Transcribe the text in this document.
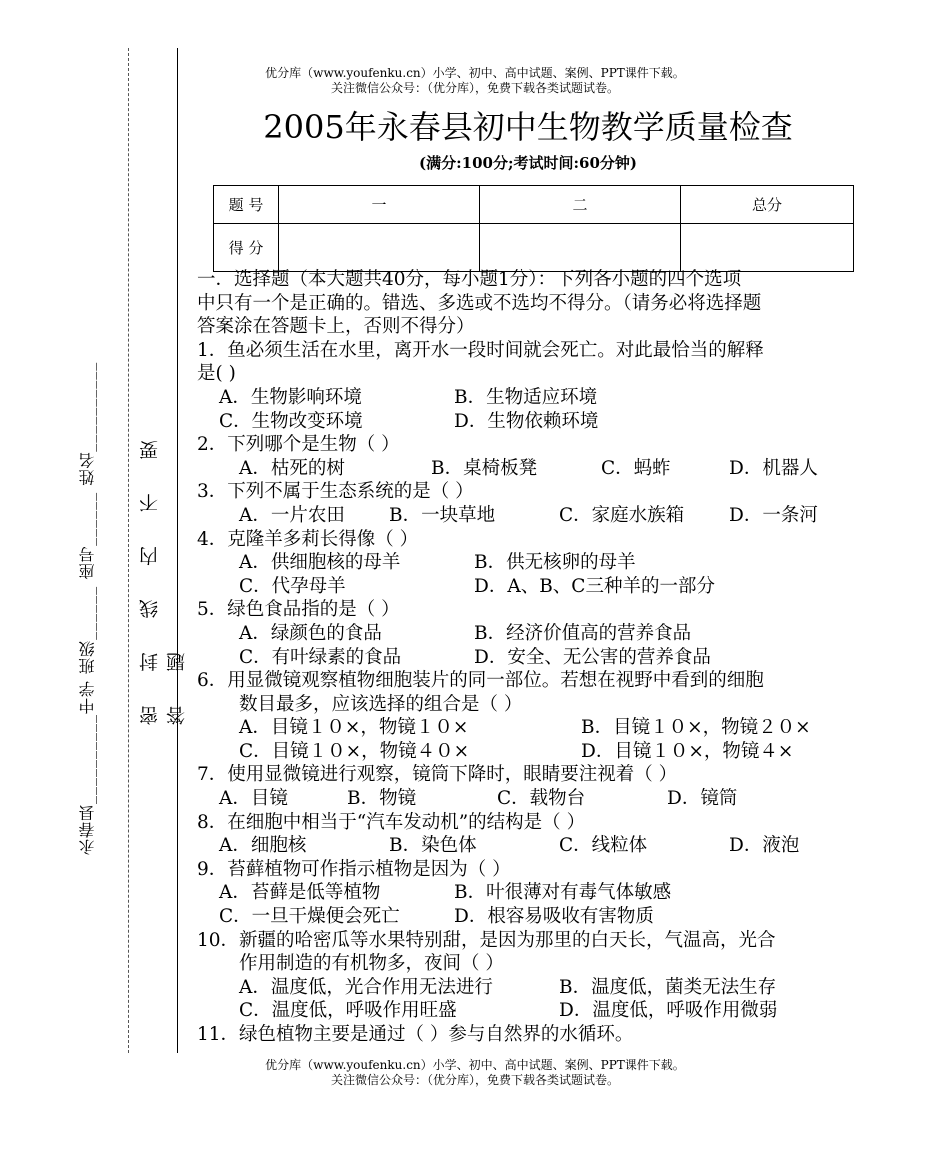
永春县__________中学 班级______ 座号______ 姓名__________ 密 封 线 内 不 要 答 题
优分库（www.youfenku.cn）小学、初中、高中试题、案例、PPT课件下载。
关注微信公众号：（优分库），免费下载各类试题试卷。
2005年永春县初中生物教学质量检查
(满分:100分;考试时间:60分钟)
题 号	一	二	总分
得 分			

一．选择题（本大题共40分，每小题1分）：下列各小题的四个选项

中只有一个是正确的。错选、多选或不选均不得分。（请务必将选择题

答案涂在答题卡上，否则不得分）

1．鱼必须生活在水里，离开水一段时间就会死亡。对此最恰当的解释

是( )

A．生物影响环境	B．生物适应环境

C．生物改变环境	D．生物依赖环境

2．下列哪个是生物（ ）

A．枯死的树	B．桌椅板凳	C．蚂蚱	D．机器人

3．下列不属于生态系统的是（ ）

A．一片农田 B．一块草地	C．家庭水族箱 D．一条河

4．克隆羊多莉长得像（ ）

A．供细胞核的母羊	B．供无核卵的母羊

C．代孕母羊	D．A、B、C三种羊的一部分

5．绿色食品指的是（ ）

A．绿颜色的食品	B．经济价值高的营养食品

C．有叶绿素的食品	D．安全、无公害的营养食品

6．用显微镜观察植物细胞装片的同一部位。若想在视野中看到的细胞

数目最多，应该选择的组合是（ ）

A．目镜１０×，物镜１０×	B．目镜１０×，物镜２０×

C．目镜１０×，物镜４０×	D．目镜１０×，物镜４×

7．使用显微镜进行观察，镜筒下降时，眼睛要注视着（ ）

A．目镜	B．物镜	C．载物台	D．镜筒

8．在细胞中相当于“汽车发动机”的结构是（ ）

A．细胞核	B．染色体	C．线粒体	D．液泡

9．苔藓植物可作指示植物是因为（ ）

A．苔藓是低等植物	B．叶很薄对有毒气体敏感

C．一旦干燥便会死亡	D．根容易吸收有害物质

10．新疆的哈密瓜等水果特别甜，是因为那里的白天长，气温高，光合

作用制造的有机物多，夜间（ ）

A．温度低，光合作用无法进行	B．温度低，菌类无法生存

C．温度低，呼吸作用旺盛	D．温度低，呼吸作用微弱

11．绿色植物主要是通过（ ）参与自然界的水循环。

优分库（www.youfenku.cn）小学、初中、高中试题、案例、PPT课件下载。
关注微信公众号：（优分库），免费下载各类试题试卷。
